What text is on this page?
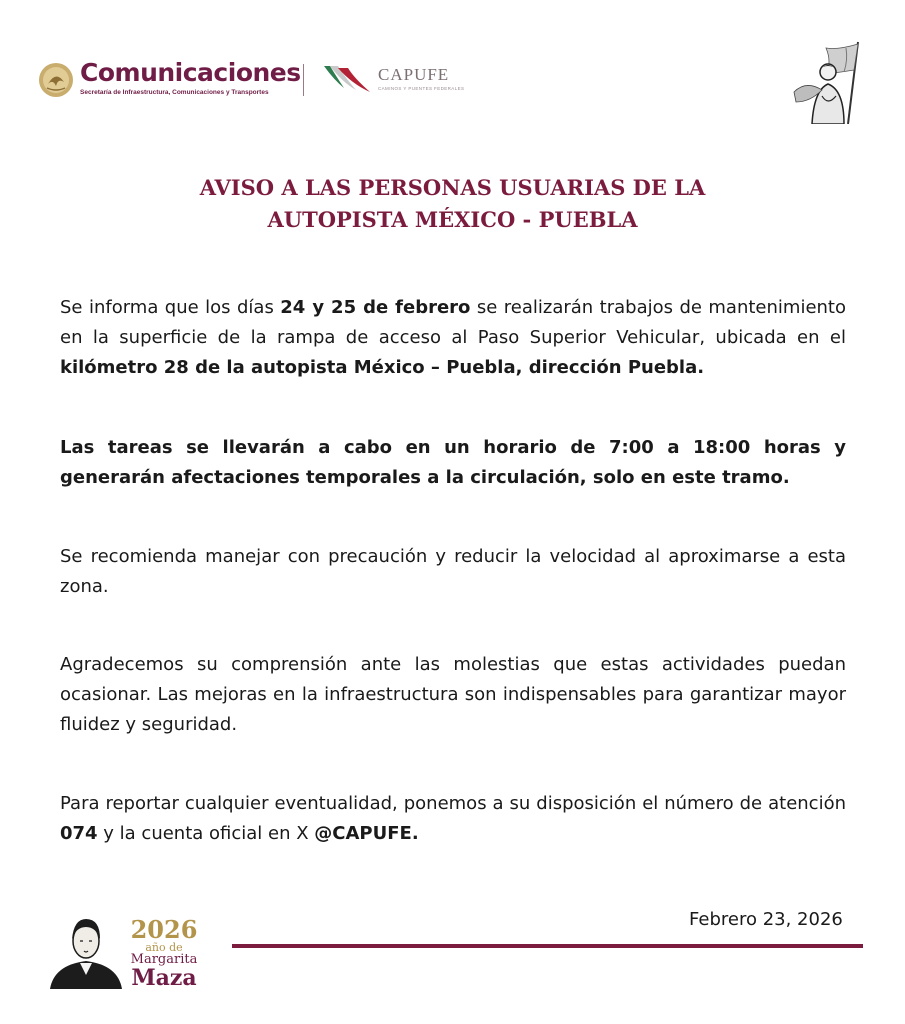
Comunicaciones
Secretaría de Infraestructura, Comunicaciones y Transportes
CAPUFE
CAMINOS Y PUENTES FEDERALES
AVISO A LAS PERSONAS USUARIAS DE LA
AUTOPISTA MÉXICO - PUEBLA
Se informa que los días 24 y 25 de febrero se realizarán trabajos de mantenimiento en la superficie de la rampa de acceso al Paso Superior Vehicular, ubicada en el kilómetro 28 de la autopista México – Puebla, dirección Puebla.
Las tareas se llevarán a cabo en un horario de 7:00 a 18:00 horas y generarán afectaciones temporales a la circulación, solo en este tramo.
Se recomienda manejar con precaución y reducir la velocidad al aproximarse a esta zona.
Agradecemos su comprensión ante las molestias que estas actividades puedan ocasionar. Las mejoras en la infraestructura son indispensables para garantizar mayor fluidez y seguridad.
Para reportar cualquier eventualidad, ponemos a su disposición el número de atención 074 y la cuenta oficial en X @CAPUFE.
2026
año de
Margarita
Maza
Febrero 23, 2026
